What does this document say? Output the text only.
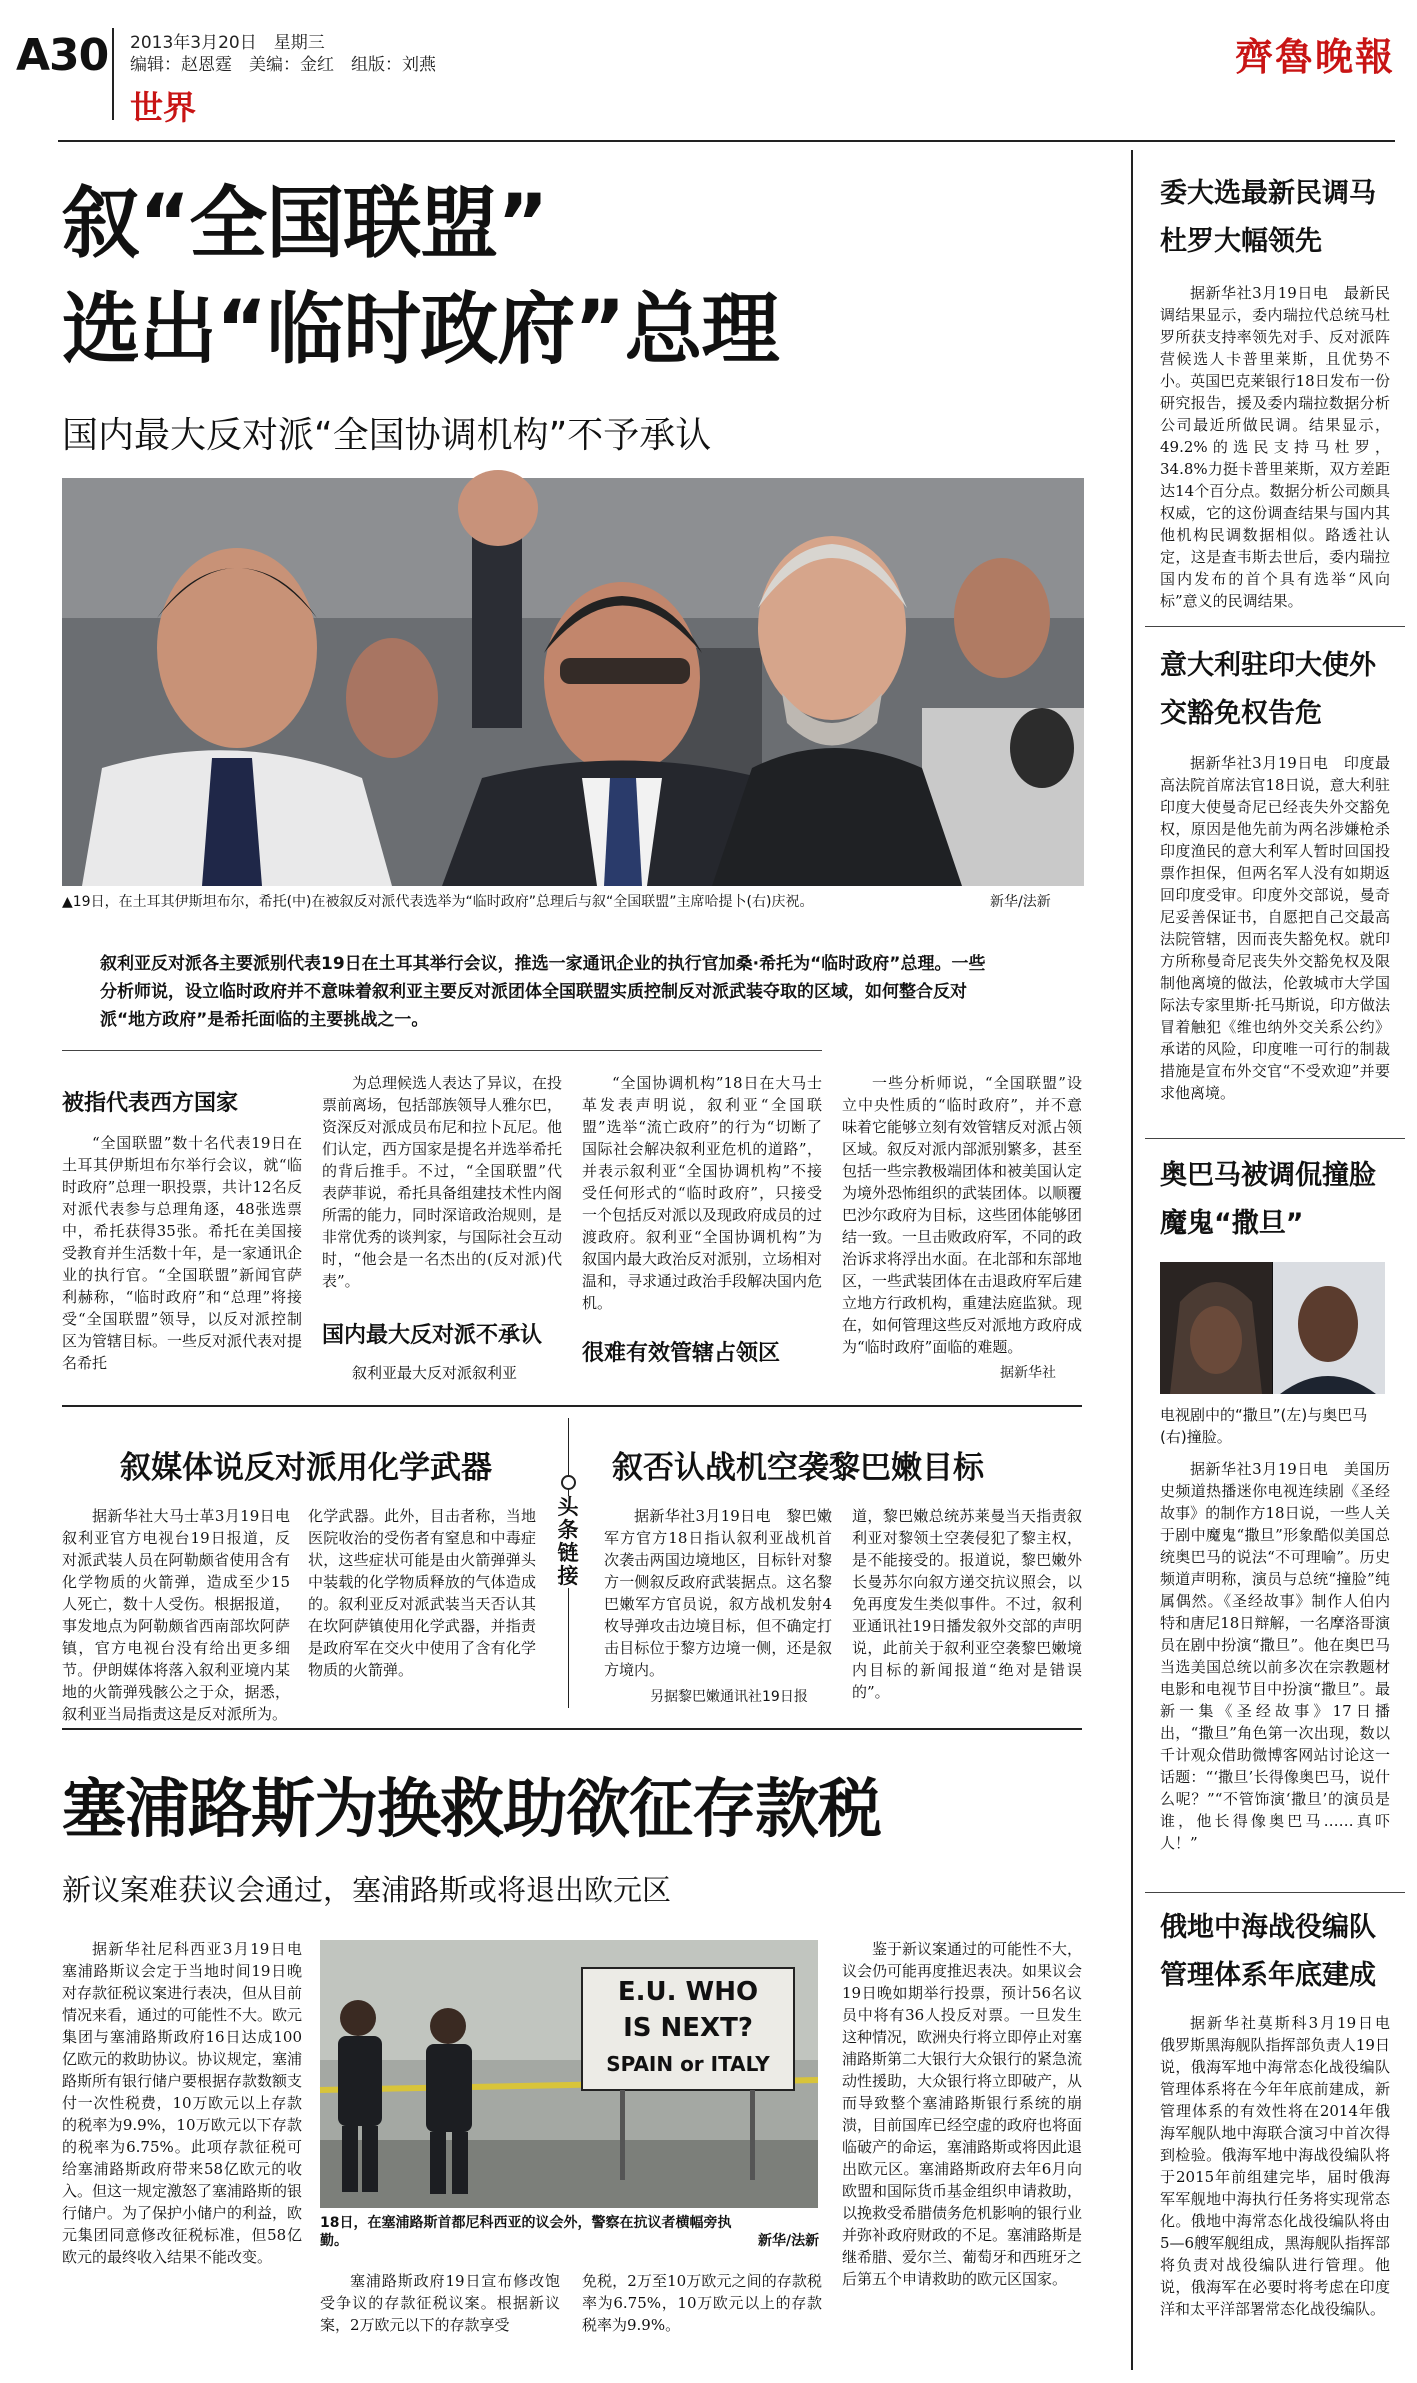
A30 2013年3月20日　星期三
编辑：赵恩霆　美编：金红　组版：刘燕
世界
齊魯晚報
叙“全国联盟”
选出“临时政府”总理
国内最大反对派“全国协调机构”不予承认
▲19日，在土耳其伊斯坦布尔，希托(中)在被叙反对派代表选举为“临时政府”总理后与叙“全国联盟”主席哈提卜(右)庆祝。	新华/法新
叙利亚反对派各主要派别代表19日在土耳其举行会议，推选一家通讯企业的执行官加桑·希托为“临时政府”总理。一些分析师说，设立临时政府并不意味着叙利亚主要反对派团体全国联盟实质控制反对派武装夺取的区域，如何整合反对派“地方政府”是希托面临的主要挑战之一。
被指代表西方国家
“全国联盟”数十名代表19日在土耳其伊斯坦布尔举行会议，就“临时政府”总理一职投票，共计12名反对派代表参与总理角逐，48张选票中，希托获得35张。希托在美国接受教育并生活数十年，是一家通讯企业的执行官。“全国联盟”新闻官萨利赫称，“临时政府”和“总理”将接受“全国联盟”领导，以反对派控制区为管辖目标。一些反对派代表对提名希托
为总理候选人表达了异议，在投票前离场，包括部族领导人雅尔巴，资深反对派成员布尼和拉卜瓦尼。他们认定，西方国家是提名并选举希托的背后推手。不过，“全国联盟”代表萨菲说，希托具备组建技术性内阁所需的能力，同时深谙政治规则，是非常优秀的谈判家，与国际社会互动时，“他会是一名杰出的(反对派)代表”。
国内最大反对派不承认
叙利亚最大反对派叙利亚
“全国协调机构”18日在大马士革发表声明说，叙利亚“全国联盟”选举“流亡政府”的行为“切断了国际社会解决叙利亚危机的道路”，并表示叙利亚“全国协调机构”不接受任何形式的“临时政府”，只接受一个包括反对派以及现政府成员的过渡政府。叙利亚“全国协调机构”为叙国内最大政治反对派别，立场相对温和，寻求通过政治手段解决国内危机。
很难有效管辖占领区
一些分析师说，“全国联盟”设立中央性质的“临时政府”，并不意味着它能够立刻有效管辖反对派占领区域。叙反对派内部派别繁多，甚至包括一些宗教极端团体和被美国认定为境外恐怖组织的武装团体。以顺覆巴沙尔政府为目标，这些团体能够团结一致。一旦击败政府军，不同的政治诉求将浮出水面。在北部和东部地区，一些武装团体在击退政府军后建立地方行政机构，重建法庭监狱。现在，如何管理这些反对派地方政府成为“临时政府”面临的难题。
据新华社
叙媒体说反对派用化学武器	叙否认战机空袭黎巴嫩目标
头条链接
据新华社大马士革3月19日电　叙利亚官方电视台19日报道，反对派武装人员在阿勒颇省使用含有化学物质的火箭弹，造成至少15人死亡，数十人受伤。根据报道，事发地点为阿勒颇省西南部坎阿萨镇，官方电视台没有给出更多细节。伊朗媒体将落入叙利亚境内某地的火箭弹残骸公之于众，据悉，叙利亚当局指责这是反对派所为。
化学武器。此外，目击者称，当地医院收治的受伤者有窒息和中毒症状，这些症状可能是由火箭弹弹头中装载的化学物质释放的气体造成的。叙利亚反对派武装当天否认其在坎阿萨镇使用化学武器，并指责是政府军在交火中使用了含有化学物质的火箭弹。
据新华社3月19日电　黎巴嫩军方官方18日指认叙利亚战机首次袭击两国边境地区，目标针对黎方一侧叙反政府武装据点。这名黎巴嫩军方官员说，叙方战机发射4枚导弹攻击边境目标，但不确定打击目标位于黎方边境一侧，还是叙方境内。
另据黎巴嫩通讯社19日报
道，黎巴嫩总统苏莱曼当天指责叙利亚对黎领土空袭侵犯了黎主权，是不能接受的。报道说，黎巴嫩外长曼苏尔向叙方递交抗议照会，以免再度发生类似事件。不过，叙利亚通讯社19日播发叙外交部的声明说，此前关于叙利亚空袭黎巴嫩境内目标的新闻报道“绝对是错误的”。
塞浦路斯为换救助欲征存款税
新议案难获议会通过，塞浦路斯或将退出欧元区
据新华社尼科西亚3月19日电　塞浦路斯议会定于当地时间19日晚对存款征税议案进行表决，但从目前情况来看，通过的可能性不大。欧元集团与塞浦路斯政府16日达成100亿欧元的救助协议。协议规定，塞浦路斯所有银行储户要根据存款数额支付一次性税费，10万欧元以上存款的税率为9.9%，10万欧元以下存款的税率为6.75%。此项存款征税可给塞浦路斯政府带来58亿欧元的收入。但这一规定激怒了塞浦路斯的银行储户。为了保护小储户的利益，欧元集团同意修改征税标准，但58亿欧元的最终收入结果不能改变。
E.U. WHO
IS NEXT?
SPAIN or ITALY
18日，在塞浦路斯首都尼科西亚的议会外，警察在抗议者横幅旁执勤。	新华/法新
塞浦路斯政府19日宣布修改饱受争议的存款征税议案。根据新议案，2万欧元以下的存款享受
免税，2万至10万欧元之间的存款税率为6.75%，10万欧元以上的存款税率为9.9%。
鉴于新议案通过的可能性不大，议会仍可能再度推迟表决。如果议会19日晚如期举行投票，预计56名议员中将有36人投反对票。一旦发生这种情况，欧洲央行将立即停止对塞浦路斯第二大银行大众银行的紧急流动性援助，大众银行将立即破产，从而导致整个塞浦路斯银行系统的崩溃，目前国库已经空虚的政府也将面临破产的命运，塞浦路斯或将因此退出欧元区。塞浦路斯政府去年6月向欧盟和国际货币基金组织申请救助，以挽救受希腊债务危机影响的银行业并弥补政府财政的不足。塞浦路斯是继希腊、爱尔兰、葡萄牙和西班牙之后第五个申请救助的欧元区国家。
委大选最新民调马杜罗大幅领先
据新华社3月19日电　最新民调结果显示，委内瑞拉代总统马杜罗所获支持率领先对手、反对派阵营候选人卡普里莱斯，且优势不小。英国巴克莱银行18日发布一份研究报告，援及委内瑞拉数据分析公司最近所做民调。结果显示，49.2%的选民支持马杜罗，34.8%力挺卡普里莱斯，双方差距达14个百分点。数据分析公司颇具权威，它的这份调查结果与国内其他机构民调数据相似。路透社认定，这是查韦斯去世后，委内瑞拉国内发布的首个具有选举“风向标”意义的民调结果。
意大利驻印大使外交豁免权告危
据新华社3月19日电　印度最高法院首席法官18日说，意大利驻印度大使曼奇尼已经丧失外交豁免权，原因是他先前为两名涉嫌枪杀印度渔民的意大利军人暂时回国投票作担保，但两名军人没有如期返回印度受审。印度外交部说，曼奇尼妥善保证书，自愿把自己交最高法院管辖，因而丧失豁免权。就印方所称曼奇尼丧失外交豁免权及限制他离境的做法，伦敦城市大学国际法专家里斯·托马斯说，印方做法冒着触犯《维也纳外交关系公约》承诺的风险，印度唯一可行的制裁措施是宣布外交官“不受欢迎”并要求他离境。
奥巴马被调侃撞脸魔鬼“撒旦”
电视剧中的“撒旦”(左)与奥巴马(右)撞脸。
据新华社3月19日电　美国历史频道热播迷你电视连续剧《圣经故事》的制作方18日说，一些人关于剧中魔鬼“撒旦”形象酷似美国总统奥巴马的说法“不可理喻”。历史频道声明称，演员与总统“撞脸”纯属偶然。《圣经故事》制作人伯内特和唐尼18日辩解，一名摩洛哥演员在剧中扮演“撒旦”。他在奥巴马当选美国总统以前多次在宗教题材电影和电视节目中扮演“撒旦”。最新一集《圣经故事》17日播出，“撒旦”角色第一次出现，数以千计观众借助微博客网站讨论这一话题：“‘撒旦’长得像奥巴马，说什么呢？”“不管饰演‘撒旦’的演员是谁，他长得像奥巴马……真吓人！”
俄地中海战役编队管理体系年底建成
据新华社莫斯科3月19日电　俄罗斯黑海舰队指挥部负责人19日说，俄海军地中海常态化战役编队管理体系将在今年年底前建成，新管理体系的有效性将在2014年俄海军舰队地中海联合演习中首次得到检验。俄海军地中海战役编队将于2015年前组建完毕，届时俄海军军舰地中海执行任务将实现常态化。俄地中海常态化战役编队将由5—6艘军舰组成，黑海舰队指挥部将负责对战役编队进行管理。他说，俄海军在必要时将考虑在印度洋和太平洋部署常态化战役编队。
